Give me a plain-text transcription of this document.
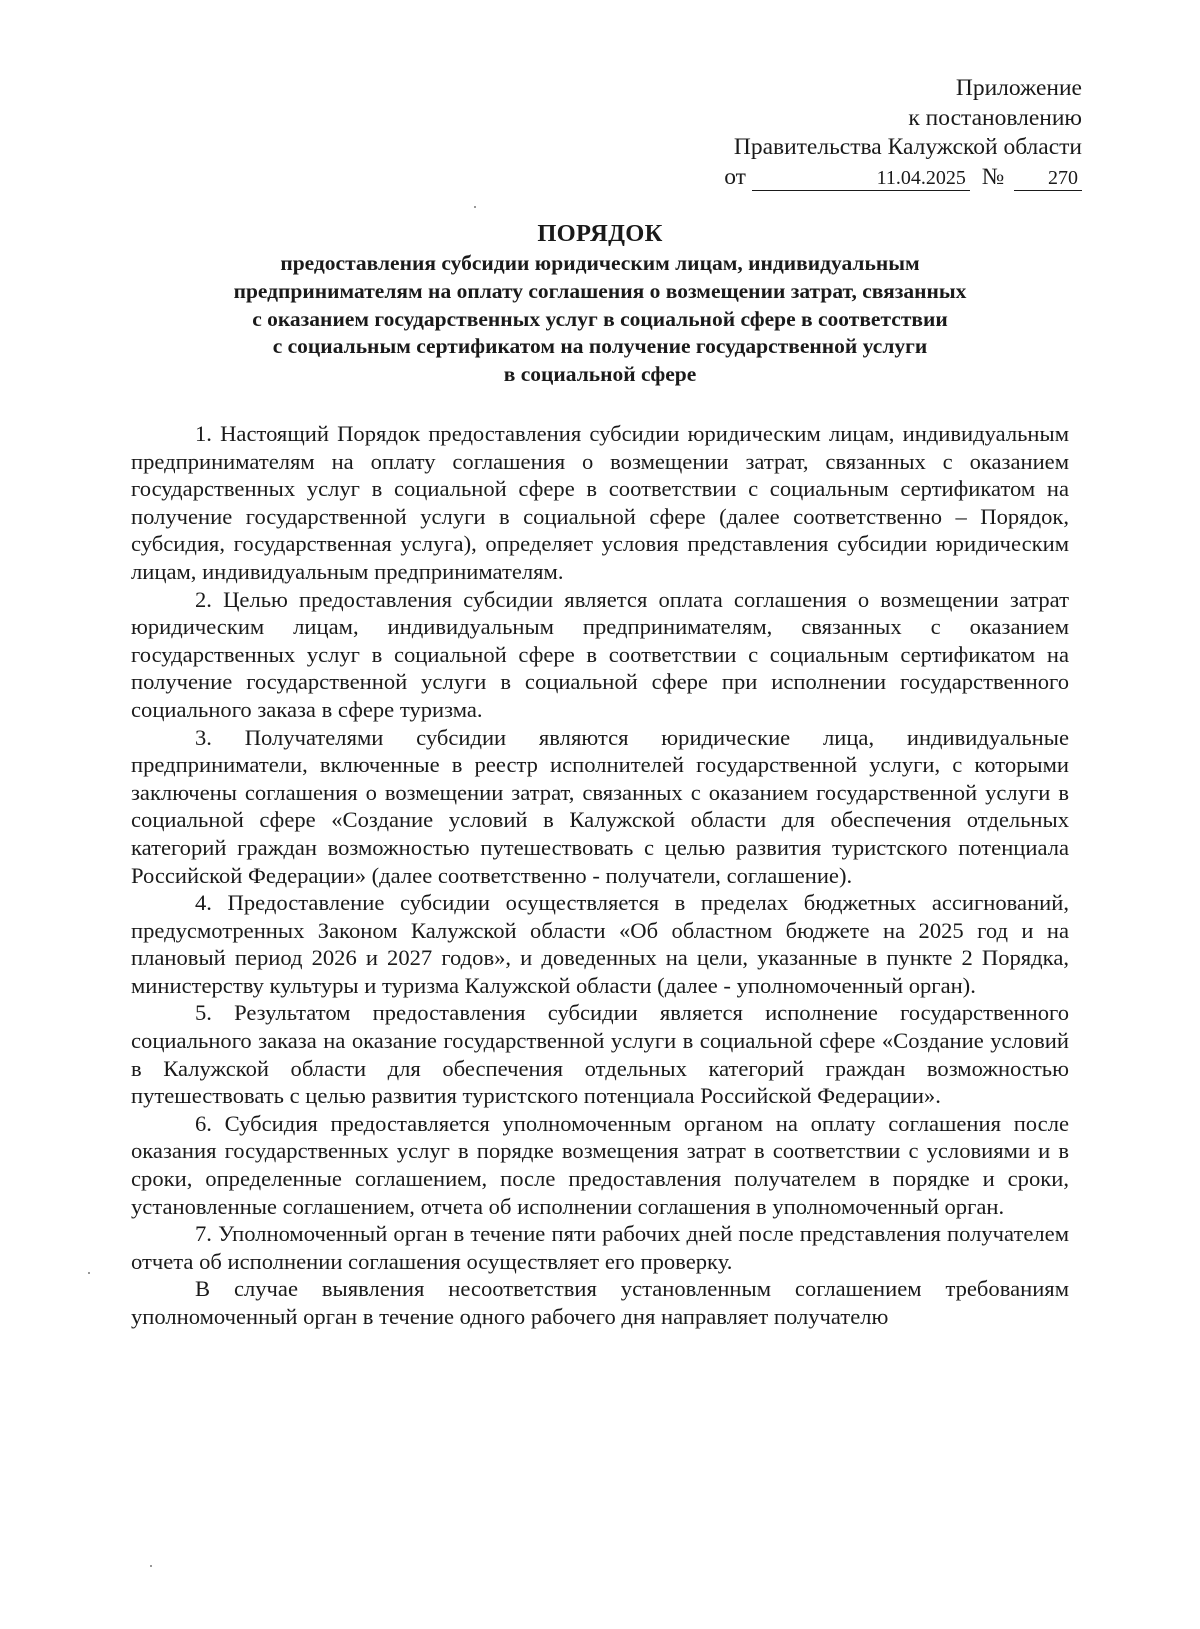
Приложение
к постановлению
Правительства Калужской области
от	11.04.2025 № 270
ПОРЯДОК
предоставления субсидии юридическим лицам, индивидуальным
предпринимателям на оплату соглашения о возмещении затрат, связанных
с оказанием государственных услуг в социальной сфере в соответствии
с социальным сертификатом на получение государственной услуги
в социальной сфере

1. Настоящий Порядок предоставления субсидии юридическим лицам, индивидуальным предпринимателям на оплату соглашения о возмещении затрат, связанных с оказанием государственных услуг в социальной сфере в соответствии с социальным сертификатом на получение государственной услуги в социальной сфере (далее соответственно – Порядок, субсидия, государственная услуга), определяет условия представления субсидии юридическим лицам, индивидуальным предпринимателям.

2. Целью предоставления субсидии является оплата соглашения о возмещении затрат юридическим лицам, индивидуальным предпринимателям, связанных с оказанием государственных услуг в социальной сфере в соответствии с социальным сертификатом на получение государственной услуги в социальной сфере при исполнении государственного социального заказа в сфере туризма.

3. Получателями субсидии являются юридические лица, индивидуальные предприниматели, включенные в реестр исполнителей государственной услуги, с которыми заключены соглашения о возмещении затрат, связанных с оказанием государственной услуги в социальной сфере «Создание условий в Калужской области для обеспечения отдельных категорий граждан возможностью путешествовать с целью развития туристского потенциала Российской Федерации» (далее соответственно - получатели, соглашение).

4. Предоставление субсидии осуществляется в пределах бюджетных ассигнований, предусмотренных Законом Калужской области «Об областном бюджете на 2025 год и на плановый период 2026 и 2027 годов», и доведенных на цели, указанные в пункте 2 Порядка, министерству культуры и туризма Калужской области (далее - уполномоченный орган).

5. Результатом предоставления субсидии является исполнение государственного социального заказа на оказание государственной услуги в социальной сфере «Создание условий в Калужской области для обеспечения отдельных категорий граждан возможностью путешествовать с целью развития туристского потенциала Российской Федерации».

6. Субсидия предоставляется уполномоченным органом на оплату соглашения после оказания государственных услуг в порядке возмещения затрат в соответствии с условиями и в сроки, определенные соглашением, после предоставления получателем в порядке и сроки, установленные соглашением, отчета об исполнении соглашения в уполномоченный орган.

7. Уполномоченный орган в течение пяти рабочих дней после представления получателем отчета об исполнении соглашения осуществляет его проверку.

В случае выявления несоответствия установленным соглашением требованиям уполномоченный орган в течение одного рабочего дня направляет получателю
